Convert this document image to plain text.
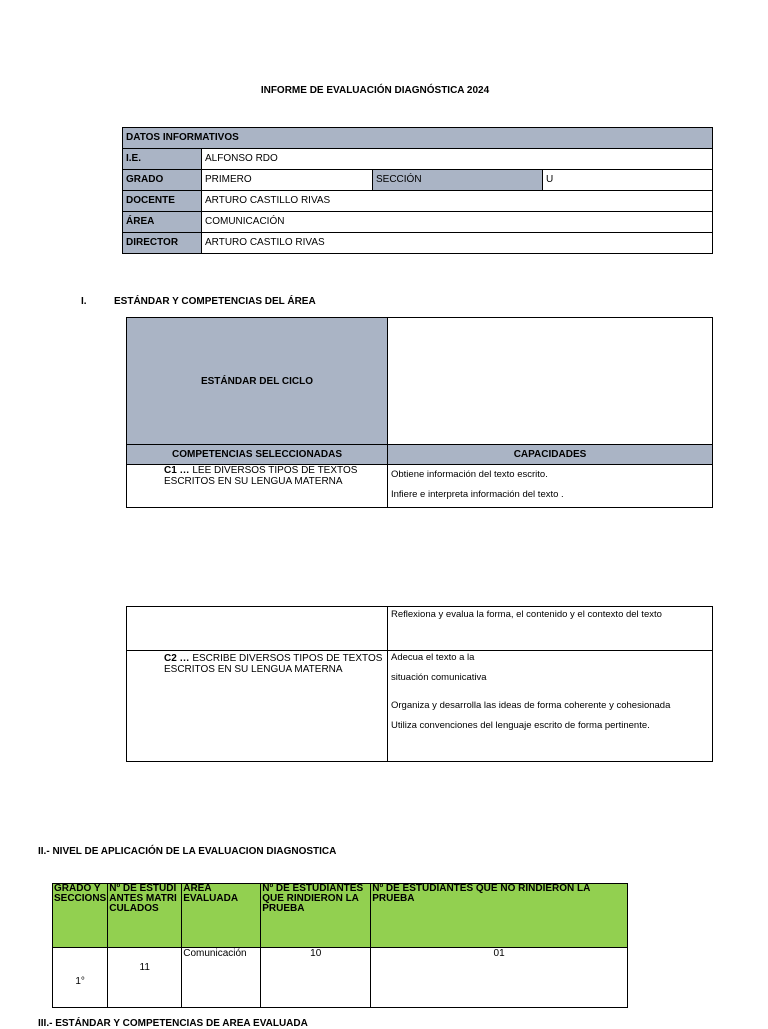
INFORME DE EVALUACIÓN DIAGNÓSTICA 2024
DATOS INFORMATIVOS			
I.E.	ALFONSO RDO		
GRADO	PRIMERO	SECCIÓN	U
DOCENTE	ARTURO CASTILLO RIVAS		
ÁREA	COMUNICACIÓN		
DIRECTOR	ARTURO CASTILO RIVAS		
I.	ESTÁNDAR Y COMPETENCIAS DEL ÁREA
ESTÁNDAR DEL CICLO	
COMPETENCIAS SELECCIONADAS	CAPACIDADES
C1 … LEE DIVERSOS TIPOS DE TEXTOS ESCRITOS EN SU LENGUA MATERNA	Obtiene información del texto escrito.

Infiere e interpreta información del texto .

	Reflexiona y evalua la forma, el contenido y el contexto del texto
C2 … ESCRIBE DIVERSOS TIPOS DE TEXTOS ESCRITOS EN SU LENGUA MATERNA	Adecua el texto a la

situación comunicativa

Organiza y desarrolla las ideas de forma coherente y cohesionada

Utiliza convenciones del lenguaje escrito de forma pertinente.

II.- NIVEL DE APLICACIÓN DE LA EVALUACION DIAGNOSTICA
GRADO Y SECCIONS	Nº DE ESTUDIANTES MATRICULADOS	AREA EVALUADA	Nº DE ESTUDIANTES QUE RINDIERON LA PRUEBA	Nº DE ESTUDIANTES QUE NO RINDIERON LA PRUEBA
1°	11	Comunicación	10	01
III.- ESTÁNDAR Y COMPETENCIAS DE AREA EVALUADA
